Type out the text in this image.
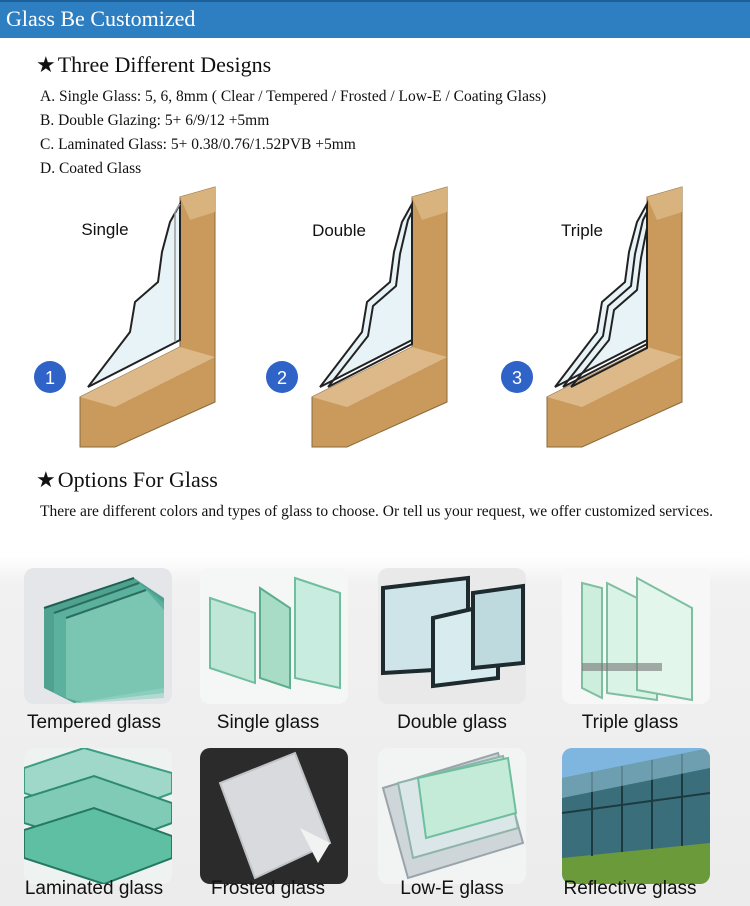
Glass Be Customized
★Three Different Designs
A. Single Glass: 5, 6, 8mm ( Clear / Tempered / Frosted / Low-E / Coating Glass)
B. Double Glazing: 5+ 6/9/12 +5mm
C. Laminated Glass: 5+ 0.38/0.76/1.52PVB +5mm
D. Coated Glass
1
Single
2
Double
3
Triple
★Options For Glass
There are different colors and types of glass to choose. Or tell us your request, we offer customized services.
Tempered glass	Single glass	Double glass	Triple glass
Laminated glass	Frosted glass	Low-E glass	Reflective glass
